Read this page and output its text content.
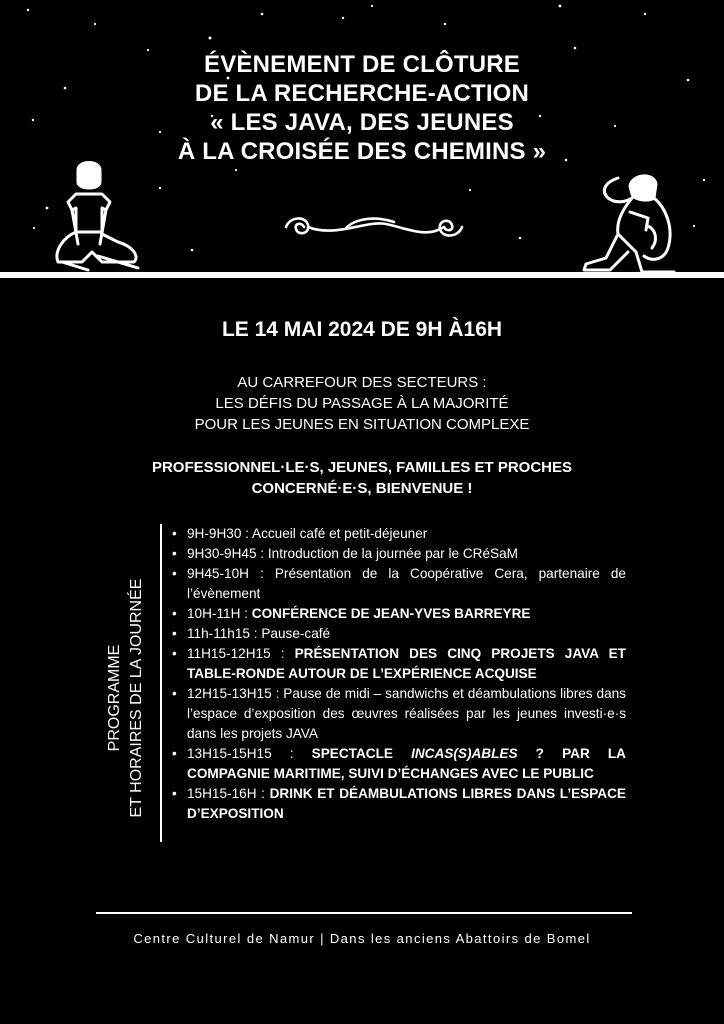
ÉVÈNEMENT DE CLÔTURE
DE LA RECHERCHE-ACTION
« LES JAVA, DES JEUNES
À LA CROISÉE DES CHEMINS »
LE 14 MAI 2024 DE 9H À16H
AU CARREFOUR DES SECTEURS :
LES DÉFIS DU PASSAGE À LA MAJORITÉ
POUR LES JEUNES EN SITUATION COMPLEXE
PROFESSIONNEL·LE·S, JEUNES, FAMILLES ET PROCHES
CONCERNÉ·E·S, BIENVENUE !
PROGRAMME ET HORAIRES DE LA JOURNÉE
• 9H-9H30 : Accueil café et petit-déjeuner
• 9H30-9H45 : Introduction de la journée par le CRéSaM
• 9H45-10H : Présentation de la Coopérative Cera, partenaire de l’évènement
• 10H-11H : CONFÉRENCE DE JEAN-YVES BARREYRE
• 11h-11h15 : Pause-café
• 11H15-12H15 : PRÉSENTATION DES CINQ PROJETS JAVA ET TABLE-RONDE AUTOUR DE L’EXPÉRIENCE ACQUISE
• 12H15-13H15 : Pause de midi – sandwichs et déambulations libres dans l’espace d’exposition des œuvres réalisées par les jeunes investi·e·s dans les projets JAVA
• 13H15-15H15 : SPECTACLE INCAS(S)ABLES ? PAR LA COMPAGNIE MARITIME, SUIVI D’ÉCHANGES AVEC LE PUBLIC
• 15H15-16H : DRINK ET DÉAMBULATIONS LIBRES DANS L’ESPACE D’EXPOSITION
Centre Culturel de Namur | Dans les anciens Abattoirs de Bomel
